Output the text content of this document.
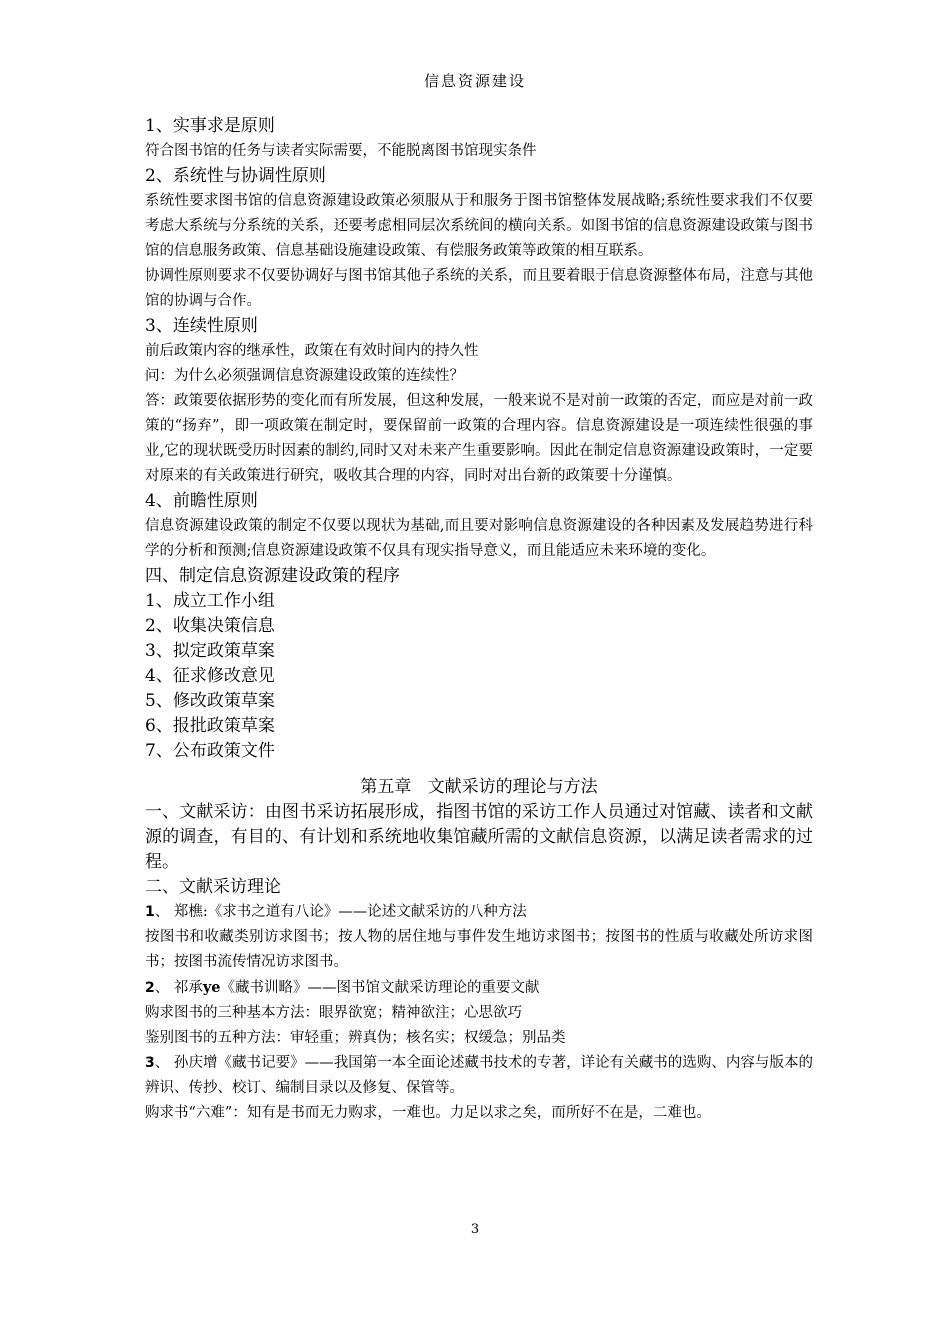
信息资源建设

1、实事求是原则

符合图书馆的任务与读者实际需要，不能脱离图书馆现实条件

2、系统性与协调性原则

系统性要求图书馆的信息资源建设政策必须服从于和服务于图书馆整体发展战略;系统性要求我们不仅要考虑大系统与分系统的关系，还要考虑相同层次系统间的横向关系。如图书馆的信息资源建设政策与图书馆的信息服务政策、信息基础设施建设政策、有偿服务政策等政策的相互联系。

协调性原则要求不仅要协调好与图书馆其他子系统的关系，而且要着眼于信息资源整体布局，注意与其他馆的协调与合作。

3、连续性原则

前后政策内容的继承性，政策在有效时间内的持久性

问：为什么必须强调信息资源建设政策的连续性？

答：政策要依据形势的变化而有所发展，但这种发展，一般来说不是对前一政策的否定，而应是对前一政策的“扬弃”，即一项政策在制定时，要保留前一政策的合理内容。信息资源建设是一项连续性很强的事业,它的现状既受历时因素的制约,同时又对未来产生重要影响。因此在制定信息资源建设政策时，一定要对原来的有关政策进行研究，吸收其合理的内容，同时对出台新的政策要十分谨慎。

4、前瞻性原则

信息资源建设政策的制定不仅要以现状为基础,而且要对影响信息资源建设的各种因素及发展趋势进行科学的分析和预测;信息资源建设政策不仅具有现实指导意义，而且能适应未来环境的变化。

四、制定信息资源建设政策的程序

1、成立工作小组

2、收集决策信息

3、拟定政策草案

4、征求修改意见

5、修改政策草案

6、报批政策草案

7、公布政策文件

第五章   文献采访的理论与方法

一、文献采访：由图书采访拓展形成，指图书馆的采访工作人员通过对馆藏、读者和文献源的调查，有目的、有计划和系统地收集馆藏所需的文献信息资源，以满足读者需求的过程。

二、文献采访理论

1、 郑樵:《求书之道有八论》——论述文献采访的八种方法

按图书和收藏类别访求图书；按人物的居住地与事件发生地访求图书；按图书的性质与收藏处所访求图书；按图书流传情况访求图书。

2、 祁承ye《藏书训略》——图书馆文献采访理论的重要文献

购求图书的三种基本方法：眼界欲宽；精神欲注；心思欲巧

鉴别图书的五种方法：审轻重；辨真伪；核名实；权缓急；别品类

3、 孙庆增《藏书记要》——我国第一本全面论述藏书技术的专著，详论有关藏书的选购、内容与版本的辨识、传抄、校订、编制目录以及修复、保管等。

购求书“六难”：知有是书而无力购求，一难也。力足以求之矣，而所好不在是，二难也。

3
